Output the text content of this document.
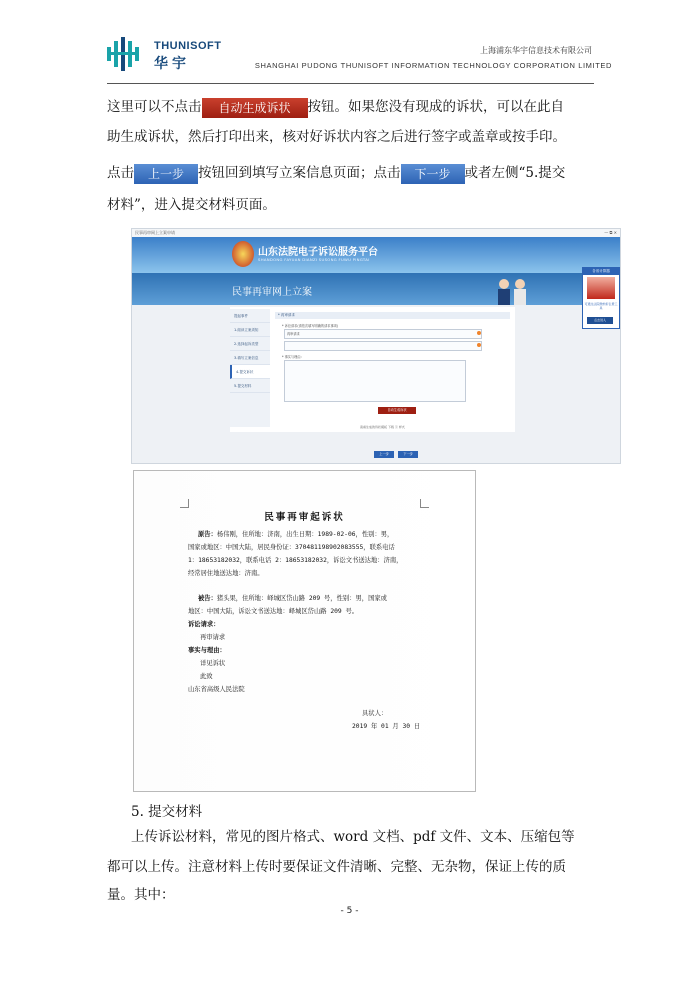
THUNISOFT
华宇
上海浦东华宇信息技术有限公司
SHANGHAI PUDONG THUNISOFT INFORMATION TECHNOLOGY CORPORATION LIMITED
这里可以不点击 自动生成诉状 按钮。如果您没有现成的诉状，可以在此自
助生成诉状，然后打印出来，核对好诉状内容之后进行签字或盖章或按手印。
点击 上一步 按钮回到填写立案信息页面；点击 下一步 或者左侧“5.提交
材料”，进入提交材料页面。
民事再审网上立案申请	— ⧉ ✕
山东法院电子诉讼服务平台
SHANDONG FAYUAN DIANZI SUSONG FUWU PINGTAI
民事再审网上立案
各省计算器
可通过法院缴纳诉讼费工具
点击进入
提起事件
1.阅读立案须知
2.选择起诉类型
3.填写立案信息
4.提交诉状
5.提交材料
* 再审请求
* 诉讼请求(请依次填写明确的请求事项)
再审请求
* 事实与理由：
自动生成诉状
查看生成的诉状模板 下载 ⓘ 样式
上一步	下一步
民事再审起诉状
原告：杨伟刚，住所地：济南，出生日期：1989-02-06，性别：男，
国家或地区：中国大陆，居民身份证：370481198902083555，联系电话
1：18653182032，联系电话 2：18653182032，诉讼文书送达地：济南，
经常居住地送达地：济南。
被告：猪头果，住所地：峄城区岱山路 209 号，性别：男，国家或
地区：中国大陆，诉讼文书送达地：峄城区岱山路 209 号。
诉讼请求：
再审请求
事实与理由：
详见诉状
此致
山东省高级人民法院
具状人：
2019 年 01 月 30 日
5. 提交材料
上传诉讼材料，常见的图片格式、word 文档、pdf 文件、文本、压缩包等
都可以上传。注意材料上传时要保证文件清晰、完整、无杂物，保证上传的质
量。其中：
- 5 -
